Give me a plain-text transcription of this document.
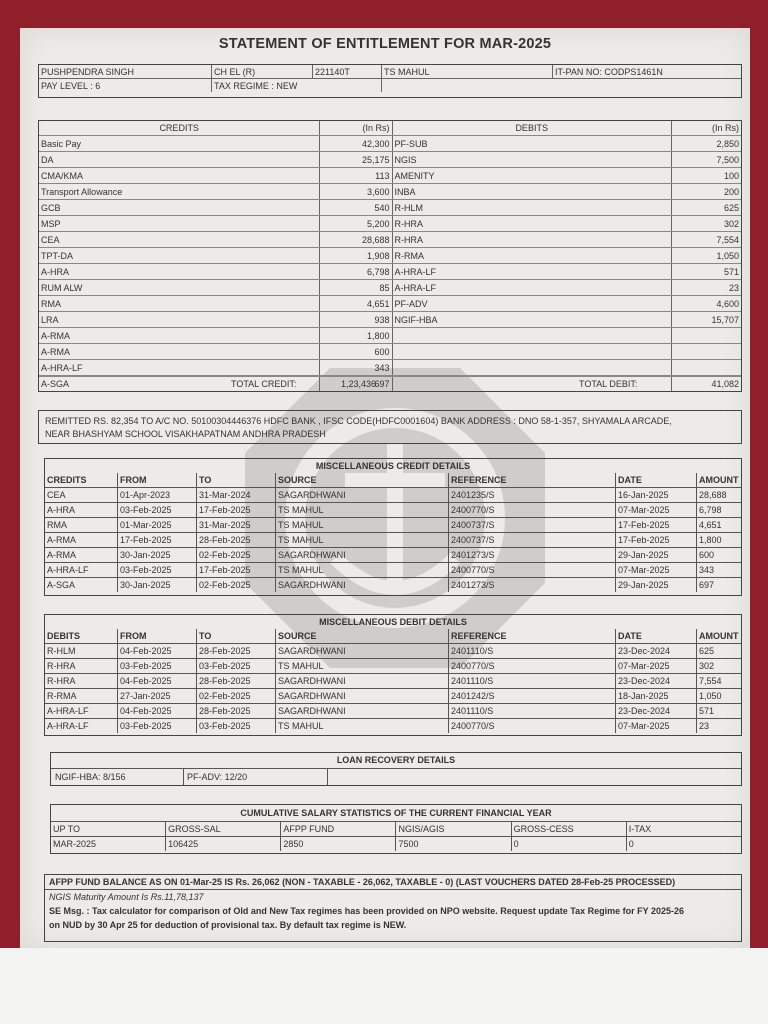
STATEMENT OF ENTITLEMENT FOR MAR-2025
PUSHPENDRA SINGH	CH EL (R)	221140T	TS MAHUL	IT-PAN NO: CODPS1461N
PAY LEVEL : 6	TAX REGIME : NEW			
CREDITS	(In Rs)	DEBITS	(In Rs)
Basic Pay	42,300	PF-SUB	2,850
DA	25,175	NGIS	7,500
CMA/KMA	113	AMENITY	100
Transport Allowance	3,600	INBA	200
GCB	540	R-HLM	625
MSP	5,200	R-HRA	302
CEA	28,688	R-HRA	7,554
TPT-DA	1,908	R-RMA	1,050
A-HRA	6,798	A-HRA-LF	571
RUM ALW	85	A-HRA-LF	23
RMA	4,651	PF-ADV	4,600
LRA	938	NGIF-HBA	15,707
A-RMA	1,800		
A-RMA	600		
A-HRA-LF	343		
A-SGA	697		
TOTAL CREDIT:	1,23,436	TOTAL DEBIT:	41,082
REMITTED RS. 82,354 TO A/C NO. 50100304446376 HDFC BANK , IFSC CODE(HDFC0001604) BANK ADDRESS : DNO 58-1-357, SHYAMALA ARCADE,
NEAR BHASHYAM SCHOOL VISAKHAPATNAM ANDHRA PRADESH
MISCELLANEOUS CREDIT DETAILS						
CREDITS	FROM	TO	SOURCE	REFERENCE	DATE	AMOUNT
CEA	01-Apr-2023	31-Mar-2024	SAGARDHWANI	2401235/S	16-Jan-2025	28,688
A-HRA	03-Feb-2025	17-Feb-2025	TS MAHUL	2400770/S	07-Mar-2025	6,798
RMA	01-Mar-2025	31-Mar-2025	TS MAHUL	2400737/S	17-Feb-2025	4,651
A-RMA	17-Feb-2025	28-Feb-2025	TS MAHUL	2400737/S	17-Feb-2025	1,800
A-RMA	30-Jan-2025	02-Feb-2025	SAGARDHWANI	2401273/S	29-Jan-2025	600
A-HRA-LF	03-Feb-2025	17-Feb-2025	TS MAHUL	2400770/S	07-Mar-2025	343
A-SGA	30-Jan-2025	02-Feb-2025	SAGARDHWANI	2401273/S	29-Jan-2025	697
MISCELLANEOUS DEBIT DETAILS						
DEBITS	FROM	TO	SOURCE	REFERENCE	DATE	AMOUNT
R-HLM	04-Feb-2025	28-Feb-2025	SAGARDHWANI	2401110/S	23-Dec-2024	625
R-HRA	03-Feb-2025	03-Feb-2025	TS MAHUL	2400770/S	07-Mar-2025	302
R-HRA	04-Feb-2025	28-Feb-2025	SAGARDHWANI	2401110/S	23-Dec-2024	7,554
R-RMA	27-Jan-2025	02-Feb-2025	SAGARDHWANI	2401242/S	18-Jan-2025	1,050
A-HRA-LF	04-Feb-2025	28-Feb-2025	SAGARDHWANI	2401110/S	23-Dec-2024	571
A-HRA-LF	03-Feb-2025	03-Feb-2025	TS MAHUL	2400770/S	07-Mar-2025	23
LOAN RECOVERY DETAILS
NGIF-HBA: 8/156	PF-ADV: 12/20
CUMULATIVE SALARY STATISTICS OF THE CURRENT FINANCIAL YEAR
UP TO	GROSS-SAL	AFPP FUND	NGIS/AGIS	GROSS-CESS	I-TAX
MAR-2025	106425	2850	7500	0	0
AFPP FUND BALANCE AS ON 01-Mar-25 IS Rs. 26,062 (NON - TAXABLE - 26,062, TAXABLE - 0) (LAST VOUCHERS DATED 28-Feb-25 PROCESSED)
NGIS Maturity Amount Is Rs.11,78,137
SE Msg. : Tax calculator for comparison of Old and New Tax regimes has been provided on NPO website. Request update Tax Regime for FY 2025-26
on NUD by 30 Apr 25 for deduction of provisional tax. By default tax regime is NEW.
